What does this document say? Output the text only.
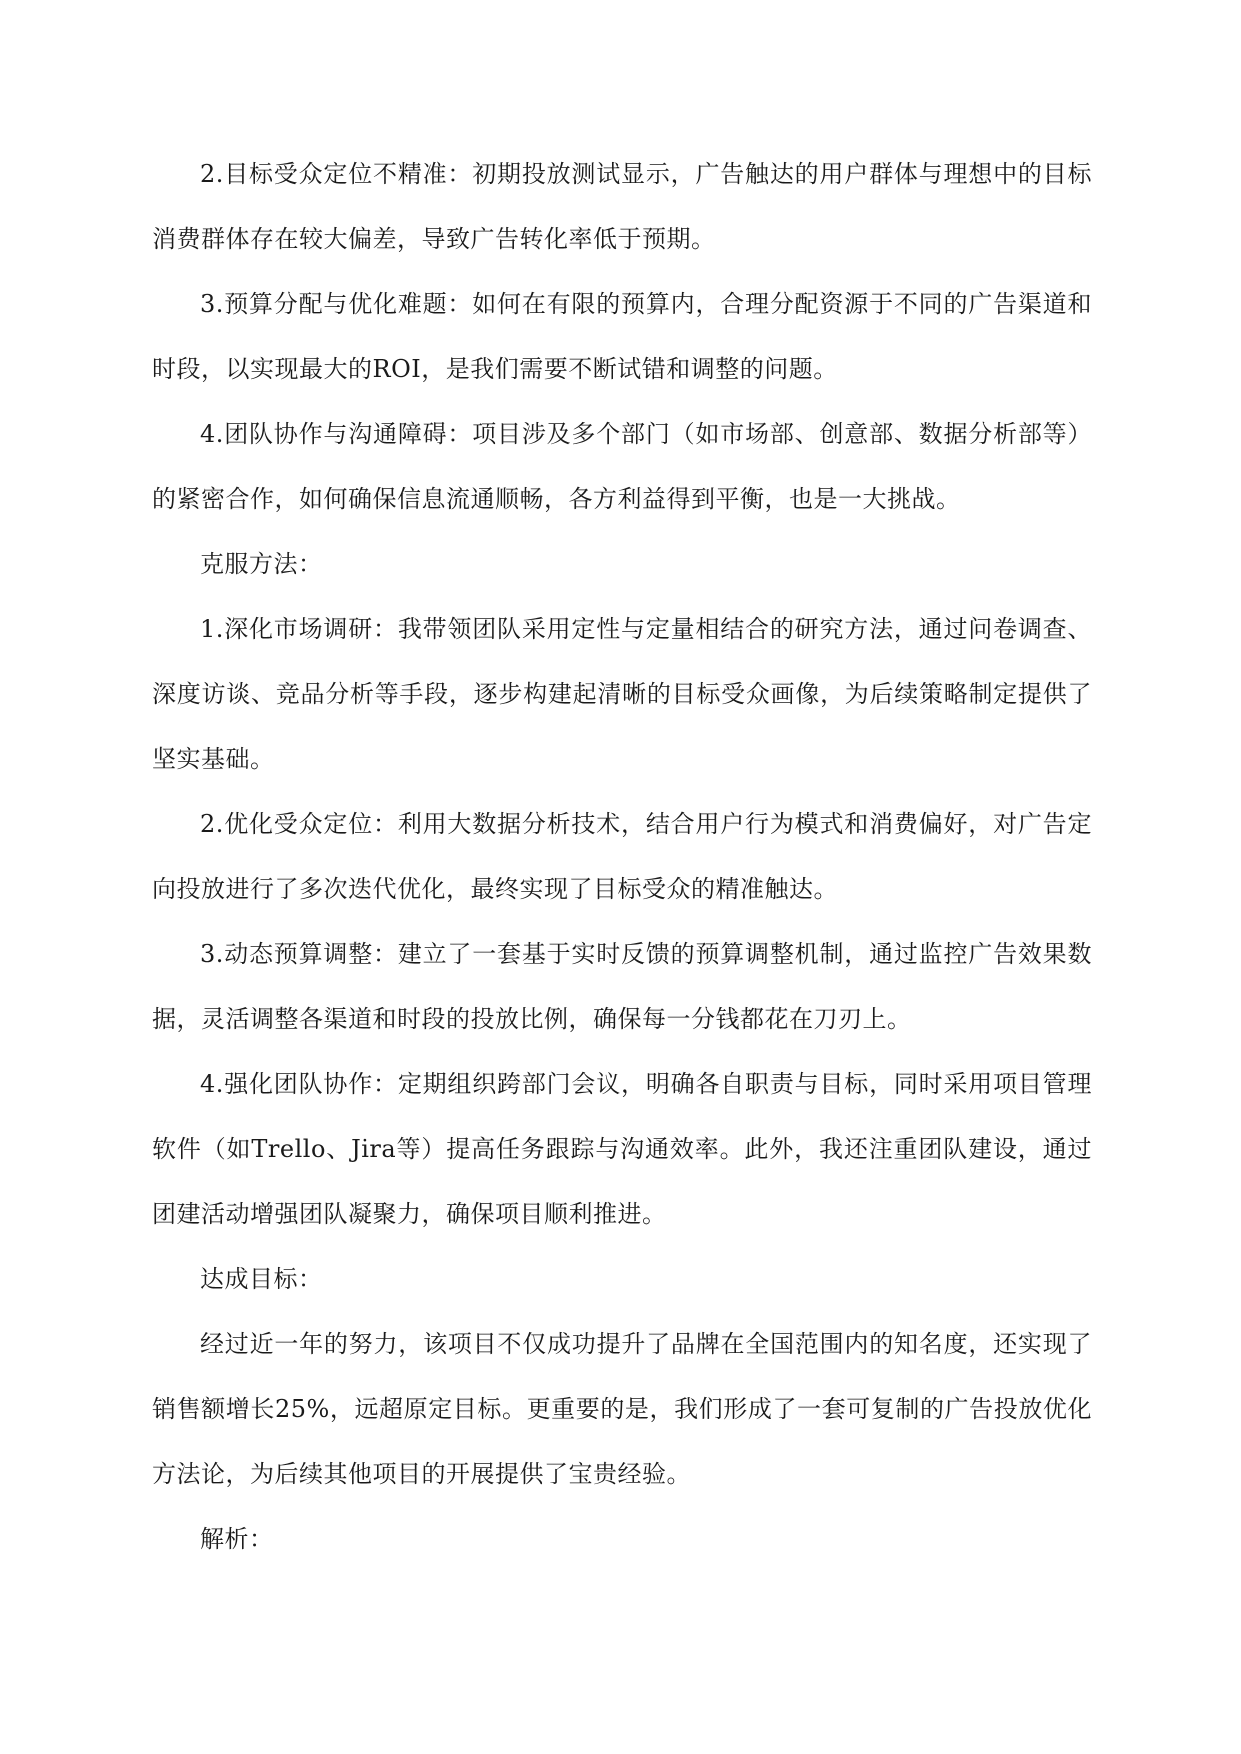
2.目标受众定位不精准：初期投放测试显示，广告触达的用户群体与理想中的目标消费群体存在较大偏差，导致广告转化率低于预期。

3.预算分配与优化难题：如何在有限的预算内，合理分配资源于不同的广告渠道和时段，以实现最大的ROI，是我们需要不断试错和调整的问题。

4.团队协作与沟通障碍：项目涉及多个部门（如市场部、创意部、数据分析部等）的紧密合作，如何确保信息流通顺畅，各方利益得到平衡，也是一大挑战。

克服方法：

1.深化市场调研：我带领团队采用定性与定量相结合的研究方法，通过问卷调查、深度访谈、竞品分析等手段，逐步构建起清晰的目标受众画像，为后续策略制定提供了坚实基础。

2.优化受众定位：利用大数据分析技术，结合用户行为模式和消费偏好，对广告定向投放进行了多次迭代优化，最终实现了目标受众的精准触达。

3.动态预算调整：建立了一套基于实时反馈的预算调整机制，通过监控广告效果数据，灵活调整各渠道和时段的投放比例，确保每一分钱都花在刀刃上。

4.强化团队协作：定期组织跨部门会议，明确各自职责与目标，同时采用项目管理软件（如Trello、Jira等）提高任务跟踪与沟通效率。此外，我还注重团队建设，通过团建活动增强团队凝聚力，确保项目顺利推进。

达成目标：

经过近一年的努力，该项目不仅成功提升了品牌在全国范围内的知名度，还实现了销售额增长25%，远超原定目标。更重要的是，我们形成了一套可复制的广告投放优化方法论，为后续其他项目的开展提供了宝贵经验。

解析：
